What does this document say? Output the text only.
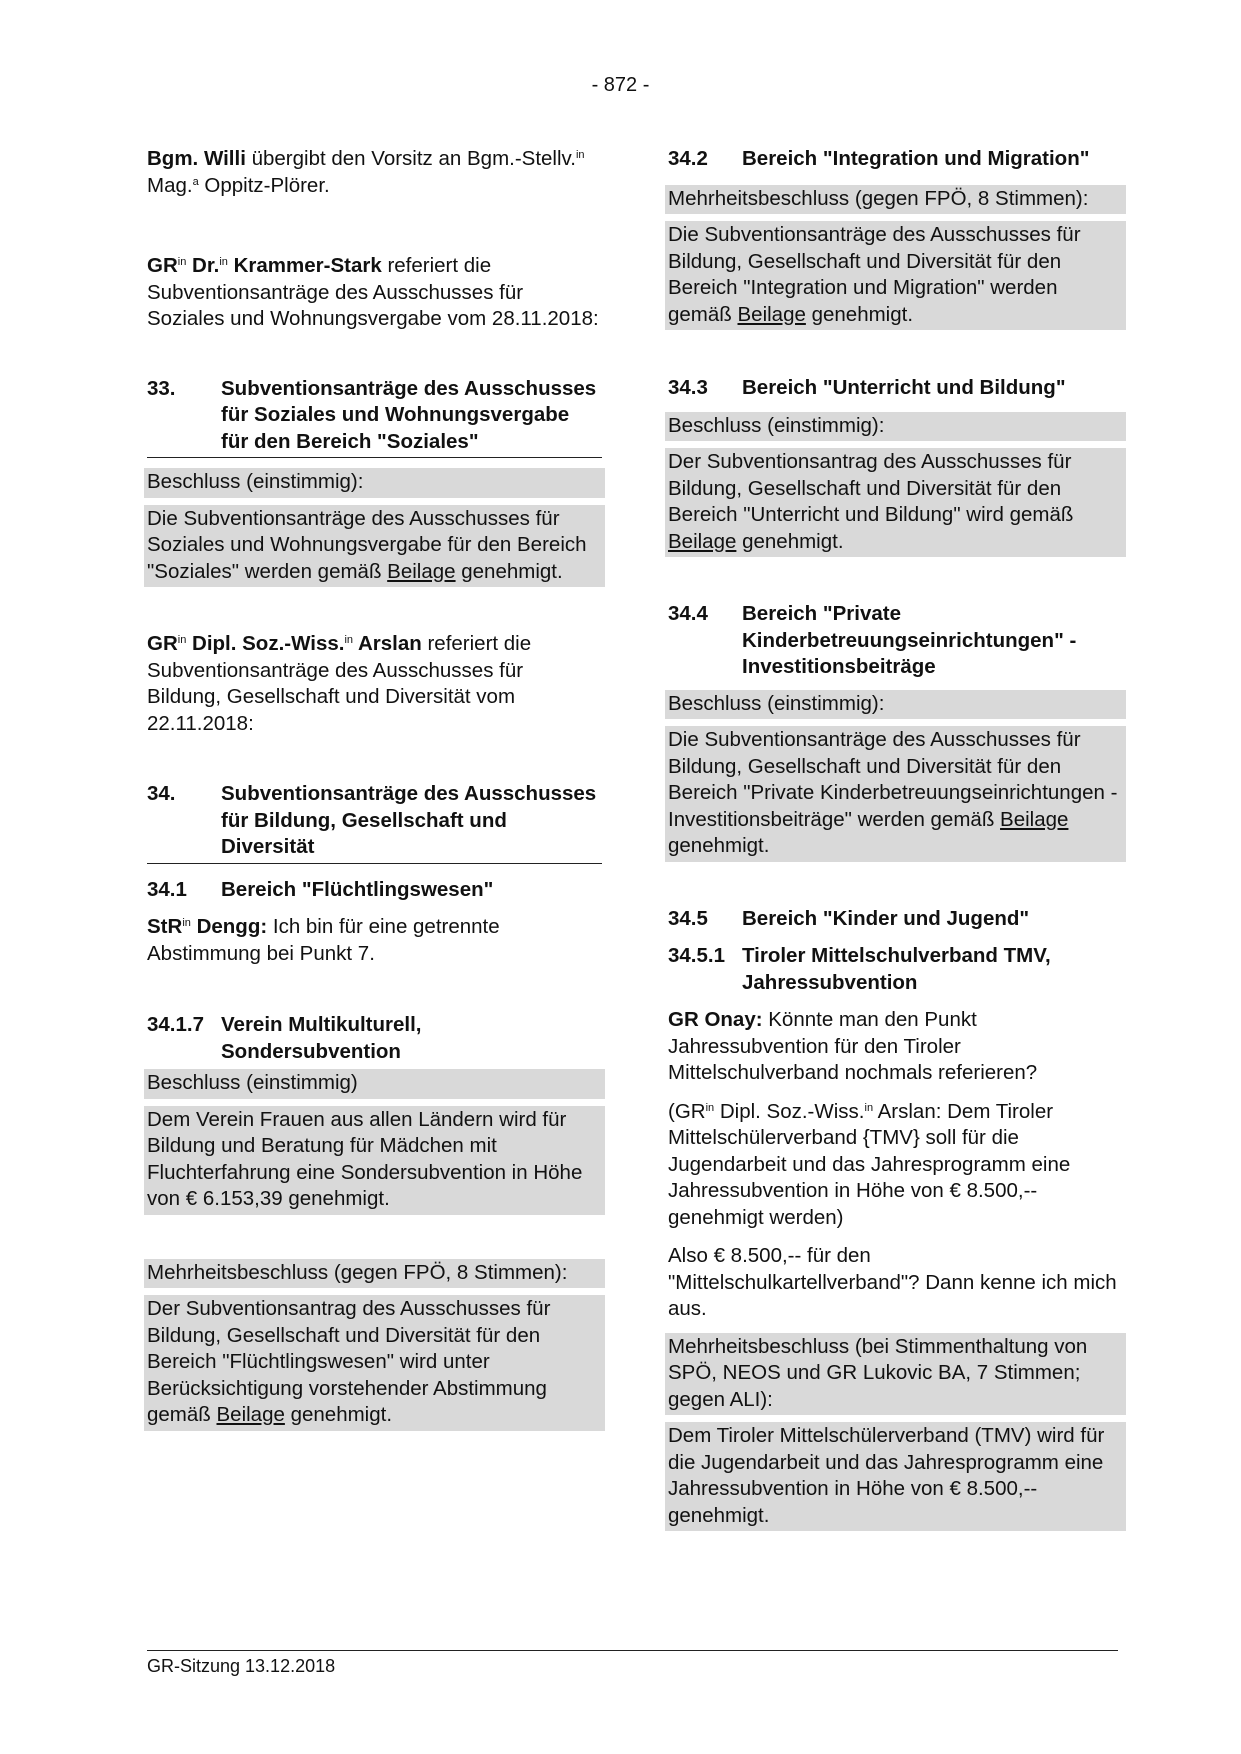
- 872 -

Bgm. Willi übergibt den Vorsitz an Bgm.-Stellv.$^{in}$ Mag.$^a$ Oppitz-Plörer.

$GR^{in}$ Dr.$^{in}$ Krammer-Stark referiert die Subventionsanträge des Ausschusses für Soziales und Wohnungsvergabe vom 28.11.2018:

33.	Subventionsanträge des Ausschusses für Soziales und Wohnungsvergabe für den Bereich "Soziales"
Beschluss (einstimmig):
Die Subventionsanträge des Ausschusses für Soziales und Wohnungsvergabe für den Bereich "Soziales" werden gemäß Beilage genehmigt.

$GR^{in}$ Dipl. Soz.-Wiss.$^{in}$ Arslan referiert die Subventionsanträge des Ausschusses für Bildung, Gesellschaft und Diversität vom 22.11.2018:

34.	Subventionsanträge des Ausschusses für Bildung, Gesellschaft und Diversität
34.1	Bereich "Flüchtlingswesen"

StR$^{in}$ Dengg: Ich bin für eine getrennte Abstimmung bei Punkt 7.

34.1.7 Verein Multikulturell, Sondersubvention
Beschluss (einstimmig)
Dem Verein Frauen aus allen Ländern wird für Bildung und Beratung für Mädchen mit Fluchterfahrung eine Sondersubvention in Höhe von € 6.153,39 genehmigt.
Mehrheitsbeschluss (gegen FPÖ, 8 Stimmen):
Der Subventionsantrag des Ausschusses für Bildung, Gesellschaft und Diversität für den Bereich "Flüchtlingswesen" wird unter Berücksichtigung vorstehender Abstimmung gemäß Beilage genehmigt.
34.2	Bereich "Integration und Migration"
Mehrheitsbeschluss (gegen FPÖ, 8 Stimmen):
Die Subventionsanträge des Ausschusses für Bildung, Gesellschaft und Diversität für den Bereich "Integration und Migration" werden gemäß Beilage genehmigt.
34.3	Bereich "Unterricht und Bildung"
Beschluss (einstimmig):
Der Subventionsantrag des Ausschusses für Bildung, Gesellschaft und Diversität für den Bereich "Unterricht und Bildung" wird gemäß Beilage genehmigt.
34.4	Bereich "Private Kinderbetreuungseinrichtungen" - Investitionsbeiträge
Beschluss (einstimmig):
Die Subventionsanträge des Ausschusses für Bildung, Gesellschaft und Diversität für den Bereich "Private Kinderbetreuungseinrichtungen - Investitionsbeiträge" werden gemäß Beilage genehmigt.
34.5	Bereich "Kinder und Jugend"
34.5.1 Tiroler Mittelschulverband TMV, Jahressubvention

GR Onay: Könnte man den Punkt Jahressubvention für den Tiroler Mittelschulverband nochmals referieren?

($GR^{in}$ Dipl. Soz.-Wiss.$^{in}$ Arslan: Dem Tiroler Mittelschülerverband {TMV} soll für die Jugendarbeit und das Jahresprogramm eine Jahressubvention in Höhe von € 8.500,-- genehmigt werden)

Also € 8.500,-- für den "Mittelschulkartellverband"? Dann kenne ich mich aus.

Mehrheitsbeschluss (bei Stimmenthaltung von SPÖ, NEOS und GR Lukovic BA, 7 Stimmen; gegen ALI):
Dem Tiroler Mittelschülerverband (TMV) wird für die Jugendarbeit und das Jahresprogramm eine Jahressubvention in Höhe von € 8.500,-- genehmigt.
GR-Sitzung 13.12.2018
